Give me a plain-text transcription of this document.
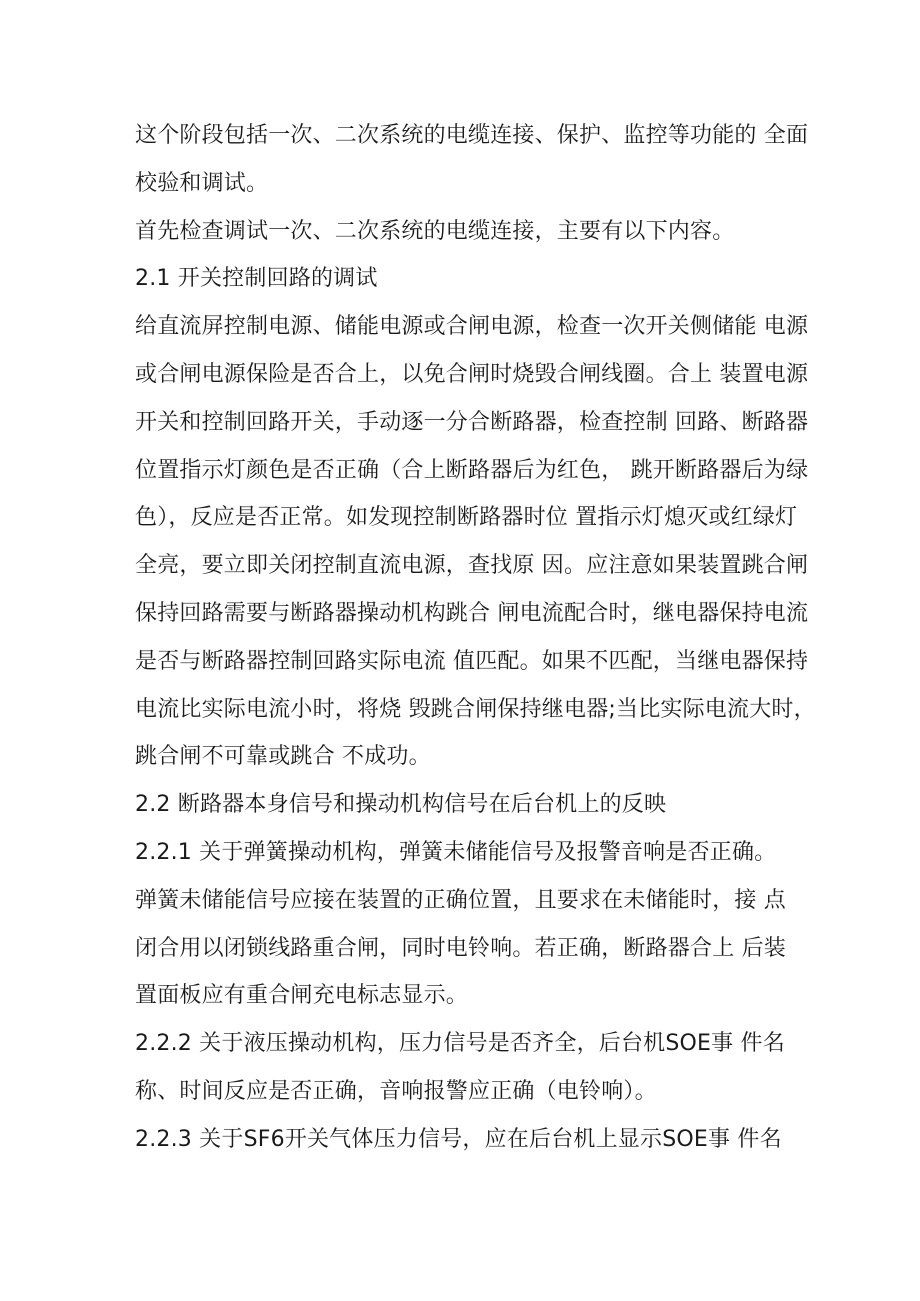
这个阶段包括一次、二次系统的电缆连接、保护、监控等功能的 全面
校验和调试。
首先检查调试一次、二次系统的电缆连接，主要有以下内容。
2.1 开关控制回路的调试
给直流屏控制电源、储能电源或合闸电源，检查一次开关侧储能 电源
或合闸电源保险是否合上，以免合闸时烧毁合闸线圈。合上 装置电源
开关和控制回路开关，手动逐一分合断路器，检查控制 回路、断路器
位置指示灯颜色是否正确（合上断路器后为红色， 跳开断路器后为绿
色），反应是否正常。如发现控制断路器时位 置指示灯熄灭或红绿灯
全亮，要立即关闭控制直流电源，查找原 因。应注意如果装置跳合闸
保持回路需要与断路器操动机构跳合 闸电流配合时，继电器保持电流
是否与断路器控制回路实际电流 值匹配。如果不匹配，当继电器保持
电流比实际电流小时，将烧 毁跳合闸保持继电器;当比实际电流大时，
跳合闸不可靠或跳合 不成功。
2.2 断路器本身信号和操动机构信号在后台机上的反映
2.2.1 关于弹簧操动机构，弹簧未储能信号及报警音响是否正确。
弹簧未储能信号应接在装置的正确位置，且要求在未储能时，接 点
闭合用以闭锁线路重合闸，同时电铃响。若正确，断路器合上 后装
置面板应有重合闸充电标志显示。
2.2.2 关于液压操动机构，压力信号是否齐全，后台机SOE事 件名
称、时间反应是否正确，音响报警应正确（电铃响）。
2.2.3 关于SF6开关气体压力信号，应在后台机上显示SOE事 件名
